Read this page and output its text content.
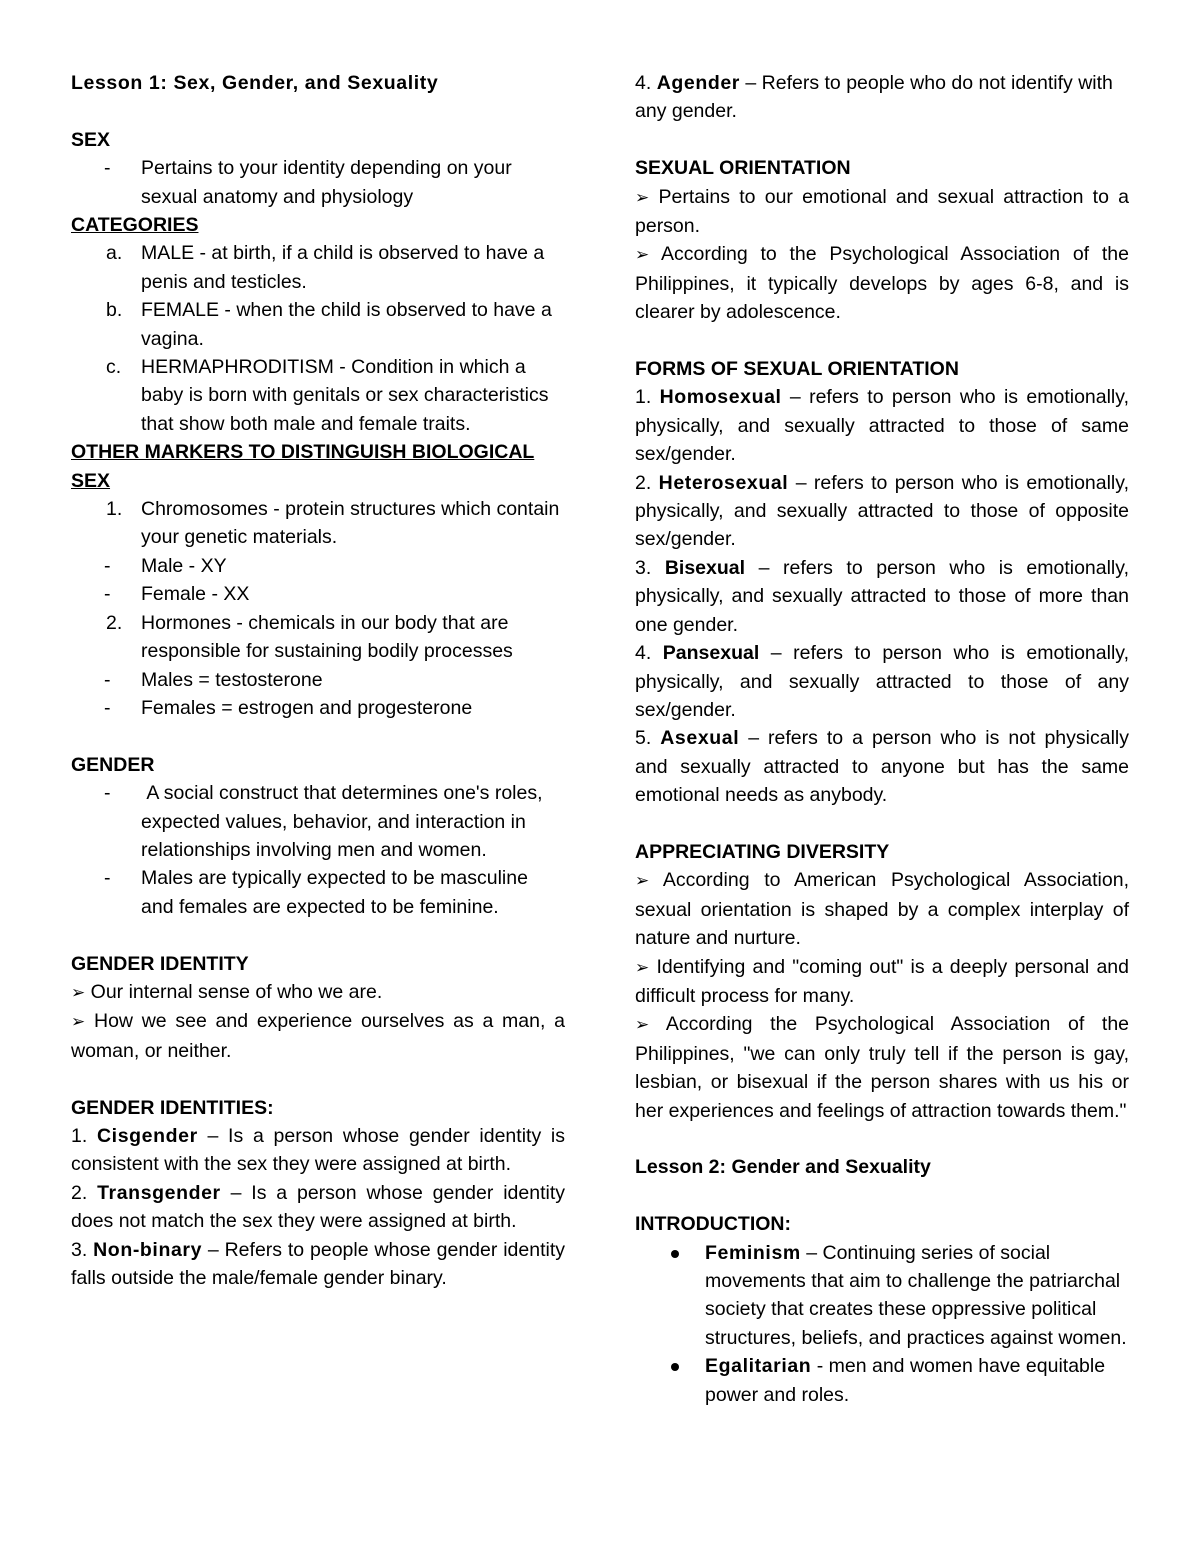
Lesson 1: Sex, Gender, and Sexuality
SEX
- Pertains to your identity depending on your sexual anatomy and physiology
CATEGORIES
a. MALE - at birth, if a child is observed to have a penis and testicles.
b. FEMALE - when the child is observed to have a vagina.
c. HERMAPHRODITISM - Condition in which a baby is born with genitals or sex characteristics that show both male and female traits.
OTHER MARKERS TO DISTINGUISH BIOLOGICAL SEX
1. Chromosomes - protein structures which contain your genetic materials.
- Male - XY
- Female - XX
2. Hormones - chemicals in our body that are responsible for sustaining bodily processes
- Males = testosterone
- Females = estrogen and progesterone
GENDER
- A social construct that determines one's roles, expected values, behavior, and interaction in relationships involving men and women.
- Males are typically expected to be masculine and females are expected to be feminine.
GENDER IDENTITY
➢ Our internal sense of who we are.
➢ How we see and experience ourselves as a man, a woman, or neither.
GENDER IDENTITIES:
1. Cisgender – Is a person whose gender identity is consistent with the sex they were assigned at birth.
2. Transgender – Is a person whose gender identity does not match the sex they were assigned at birth.
3. Non-binary – Refers to people whose gender identity falls outside the male/female gender binary.
4. Agender – Refers to people who do not identify with any gender.
SEXUAL ORIENTATION
➢ Pertains to our emotional and sexual attraction to a person.
➢ According to the Psychological Association of the Philippines, it typically develops by ages 6-8, and is clearer by adolescence.
FORMS OF SEXUAL ORIENTATION
1. Homosexual – refers to person who is emotionally, physically, and sexually attracted to those of same sex/gender.
2. Heterosexual – refers to person who is emotionally, physically, and sexually attracted to those of opposite sex/gender.
3. Bisexual – refers to person who is emotionally, physically, and sexually attracted to those of more than one gender.
4. Pansexual – refers to person who is emotionally, physically, and sexually attracted to those of any sex/gender.
5. Asexual – refers to a person who is not physically and sexually attracted to anyone but has the same emotional needs as anybody.
APPRECIATING DIVERSITY
➢ According to American Psychological Association, sexual orientation is shaped by a complex interplay of nature and nurture.
➢ Identifying and "coming out" is a deeply personal and difficult process for many.
➢ According the Psychological Association of the Philippines, "we can only truly tell if the person is gay, lesbian, or bisexual if the person shares with us his or her experiences and feelings of attraction towards them."
Lesson 2: Gender and Sexuality
INTRODUCTION:
Feminism – Continuing series of social movements that aim to challenge the patriarchal society that creates these oppressive political structures, beliefs, and practices against women.
Egalitarian - men and women have equitable power and roles.
